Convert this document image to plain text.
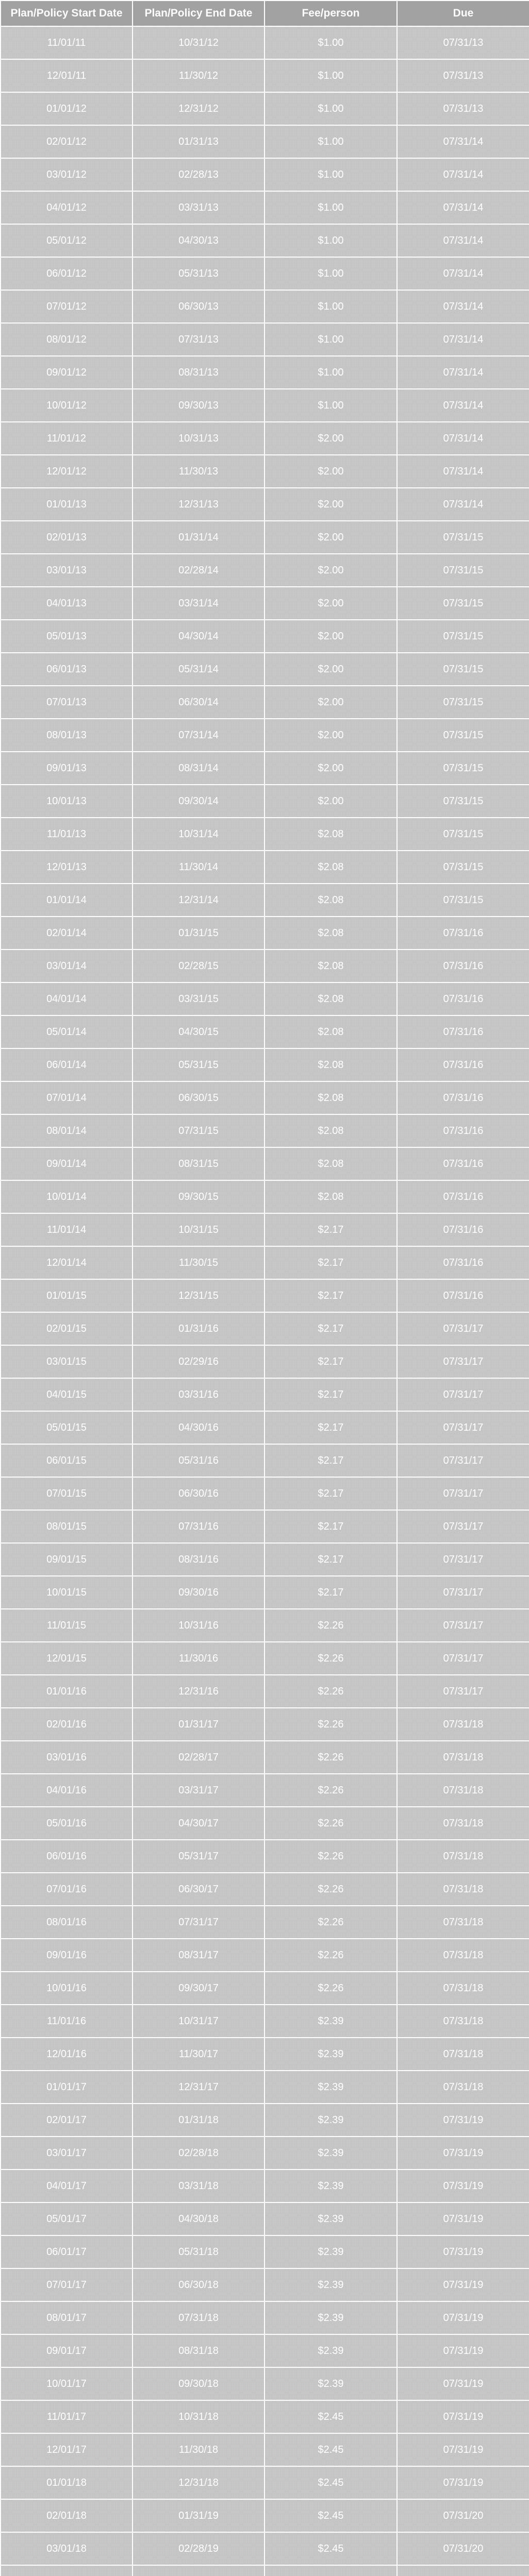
Plan/Policy Start Date	Plan/Policy End Date	Fee/person	Due
11/01/11	10/31/12	$1.00	07/31/13
12/01/11	11/30/12	$1.00	07/31/13
01/01/12	12/31/12	$1.00	07/31/13
02/01/12	01/31/13	$1.00	07/31/14
03/01/12	02/28/13	$1.00	07/31/14
04/01/12	03/31/13	$1.00	07/31/14
05/01/12	04/30/13	$1.00	07/31/14
06/01/12	05/31/13	$1.00	07/31/14
07/01/12	06/30/13	$1.00	07/31/14
08/01/12	07/31/13	$1.00	07/31/14
09/01/12	08/31/13	$1.00	07/31/14
10/01/12	09/30/13	$1.00	07/31/14
11/01/12	10/31/13	$2.00	07/31/14
12/01/12	11/30/13	$2.00	07/31/14
01/01/13	12/31/13	$2.00	07/31/14
02/01/13	01/31/14	$2.00	07/31/15
03/01/13	02/28/14	$2.00	07/31/15
04/01/13	03/31/14	$2.00	07/31/15
05/01/13	04/30/14	$2.00	07/31/15
06/01/13	05/31/14	$2.00	07/31/15
07/01/13	06/30/14	$2.00	07/31/15
08/01/13	07/31/14	$2.00	07/31/15
09/01/13	08/31/14	$2.00	07/31/15
10/01/13	09/30/14	$2.00	07/31/15
11/01/13	10/31/14	$2.08	07/31/15
12/01/13	11/30/14	$2.08	07/31/15
01/01/14	12/31/14	$2.08	07/31/15
02/01/14	01/31/15	$2.08	07/31/16
03/01/14	02/28/15	$2.08	07/31/16
04/01/14	03/31/15	$2.08	07/31/16
05/01/14	04/30/15	$2.08	07/31/16
06/01/14	05/31/15	$2.08	07/31/16
07/01/14	06/30/15	$2.08	07/31/16
08/01/14	07/31/15	$2.08	07/31/16
09/01/14	08/31/15	$2.08	07/31/16
10/01/14	09/30/15	$2.08	07/31/16
11/01/14	10/31/15	$2.17	07/31/16
12/01/14	11/30/15	$2.17	07/31/16
01/01/15	12/31/15	$2.17	07/31/16
02/01/15	01/31/16	$2.17	07/31/17
03/01/15	02/29/16	$2.17	07/31/17
04/01/15	03/31/16	$2.17	07/31/17
05/01/15	04/30/16	$2.17	07/31/17
06/01/15	05/31/16	$2.17	07/31/17
07/01/15	06/30/16	$2.17	07/31/17
08/01/15	07/31/16	$2.17	07/31/17
09/01/15	08/31/16	$2.17	07/31/17
10/01/15	09/30/16	$2.17	07/31/17
11/01/15	10/31/16	$2.26	07/31/17
12/01/15	11/30/16	$2.26	07/31/17
01/01/16	12/31/16	$2.26	07/31/17
02/01/16	01/31/17	$2.26	07/31/18
03/01/16	02/28/17	$2.26	07/31/18
04/01/16	03/31/17	$2.26	07/31/18
05/01/16	04/30/17	$2.26	07/31/18
06/01/16	05/31/17	$2.26	07/31/18
07/01/16	06/30/17	$2.26	07/31/18
08/01/16	07/31/17	$2.26	07/31/18
09/01/16	08/31/17	$2.26	07/31/18
10/01/16	09/30/17	$2.26	07/31/18
11/01/16	10/31/17	$2.39	07/31/18
12/01/16	11/30/17	$2.39	07/31/18
01/01/17	12/31/17	$2.39	07/31/18
02/01/17	01/31/18	$2.39	07/31/19
03/01/17	02/28/18	$2.39	07/31/19
04/01/17	03/31/18	$2.39	07/31/19
05/01/17	04/30/18	$2.39	07/31/19
06/01/17	05/31/18	$2.39	07/31/19
07/01/17	06/30/18	$2.39	07/31/19
08/01/17	07/31/18	$2.39	07/31/19
09/01/17	08/31/18	$2.39	07/31/19
10/01/17	09/30/18	$2.39	07/31/19
11/01/17	10/31/18	$2.45	07/31/19
12/01/17	11/30/18	$2.45	07/31/19
01/01/18	12/31/18	$2.45	07/31/19
02/01/18	01/31/19	$2.45	07/31/20
03/01/18	02/28/19	$2.45	07/31/20
